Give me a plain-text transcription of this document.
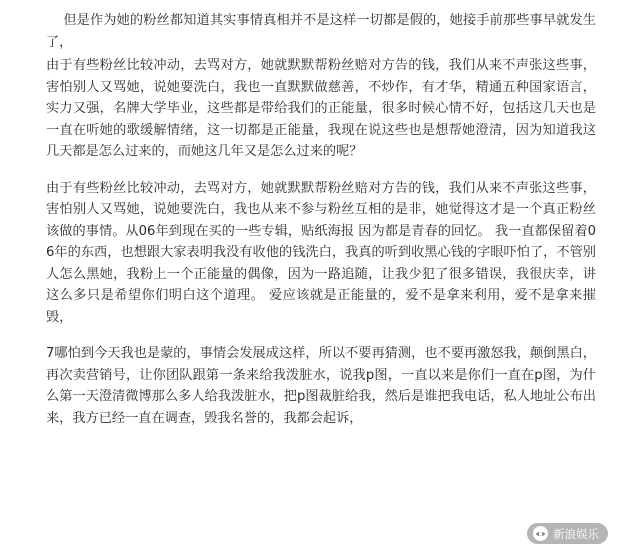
但是作为她的粉丝都知道其实事情真相并不是这样一切都是假的，她接手前那些事早就发生了，

由于有些粉丝比较冲动，去骂对方，她就默默帮粉丝赔对方告的钱，我们从来不声张这些事，害怕别人又骂她，说她要洗白，我也一直默默做慈善，不炒作，有才华，精通五种国家语言，实力又强，名牌大学毕业，这些都是带给我们的正能量，很多时候心情不好，包括这几天也是一直在听她的歌缓解情绪，这一切都是正能量，我现在说这些也是想帮她澄清，因为知道我这几天都是怎么过来的，而她这几年又是怎么过来的呢？

由于有些粉丝比较冲动，去骂对方，她就默默帮粉丝赔对方告的钱，我们从来不声张这些事，害怕别人又骂她，说她要洗白，我也从来不参与粉丝互相的是非，她觉得这才是一个真正粉丝该做的事情。从06年到现在买的一些专辑，贴纸海报 因为都是青春的回忆。 我一直都保留着06年的东西，也想跟大家表明我没有收他的钱洗白，我真的听到收黑心钱的字眼吓怕了，不管别人怎么黑她，我粉上一个正能量的偶像，因为一路追随，让我少犯了很多错误，我很庆幸，讲这么多只是希望你们明白这个道理。 爱应该就是正能量的，爱不是拿来利用，爱不是拿来摧毁，

7哪怕到今天我也是蒙的，事情会发展成这样，所以不要再猜测，也不要再激怒我，颠倒黑白，再次卖营销号，让你团队跟第一条来给我泼脏水，说我p图，一直以来是你们一直在p图，为什么第一天澄清微博那么多人给我泼脏水，把p图裁脏给我，然后是谁把我电话，私人地址公布出来，我方已经一直在调查，毁我名誉的，我都会起诉，

新浪娱乐
